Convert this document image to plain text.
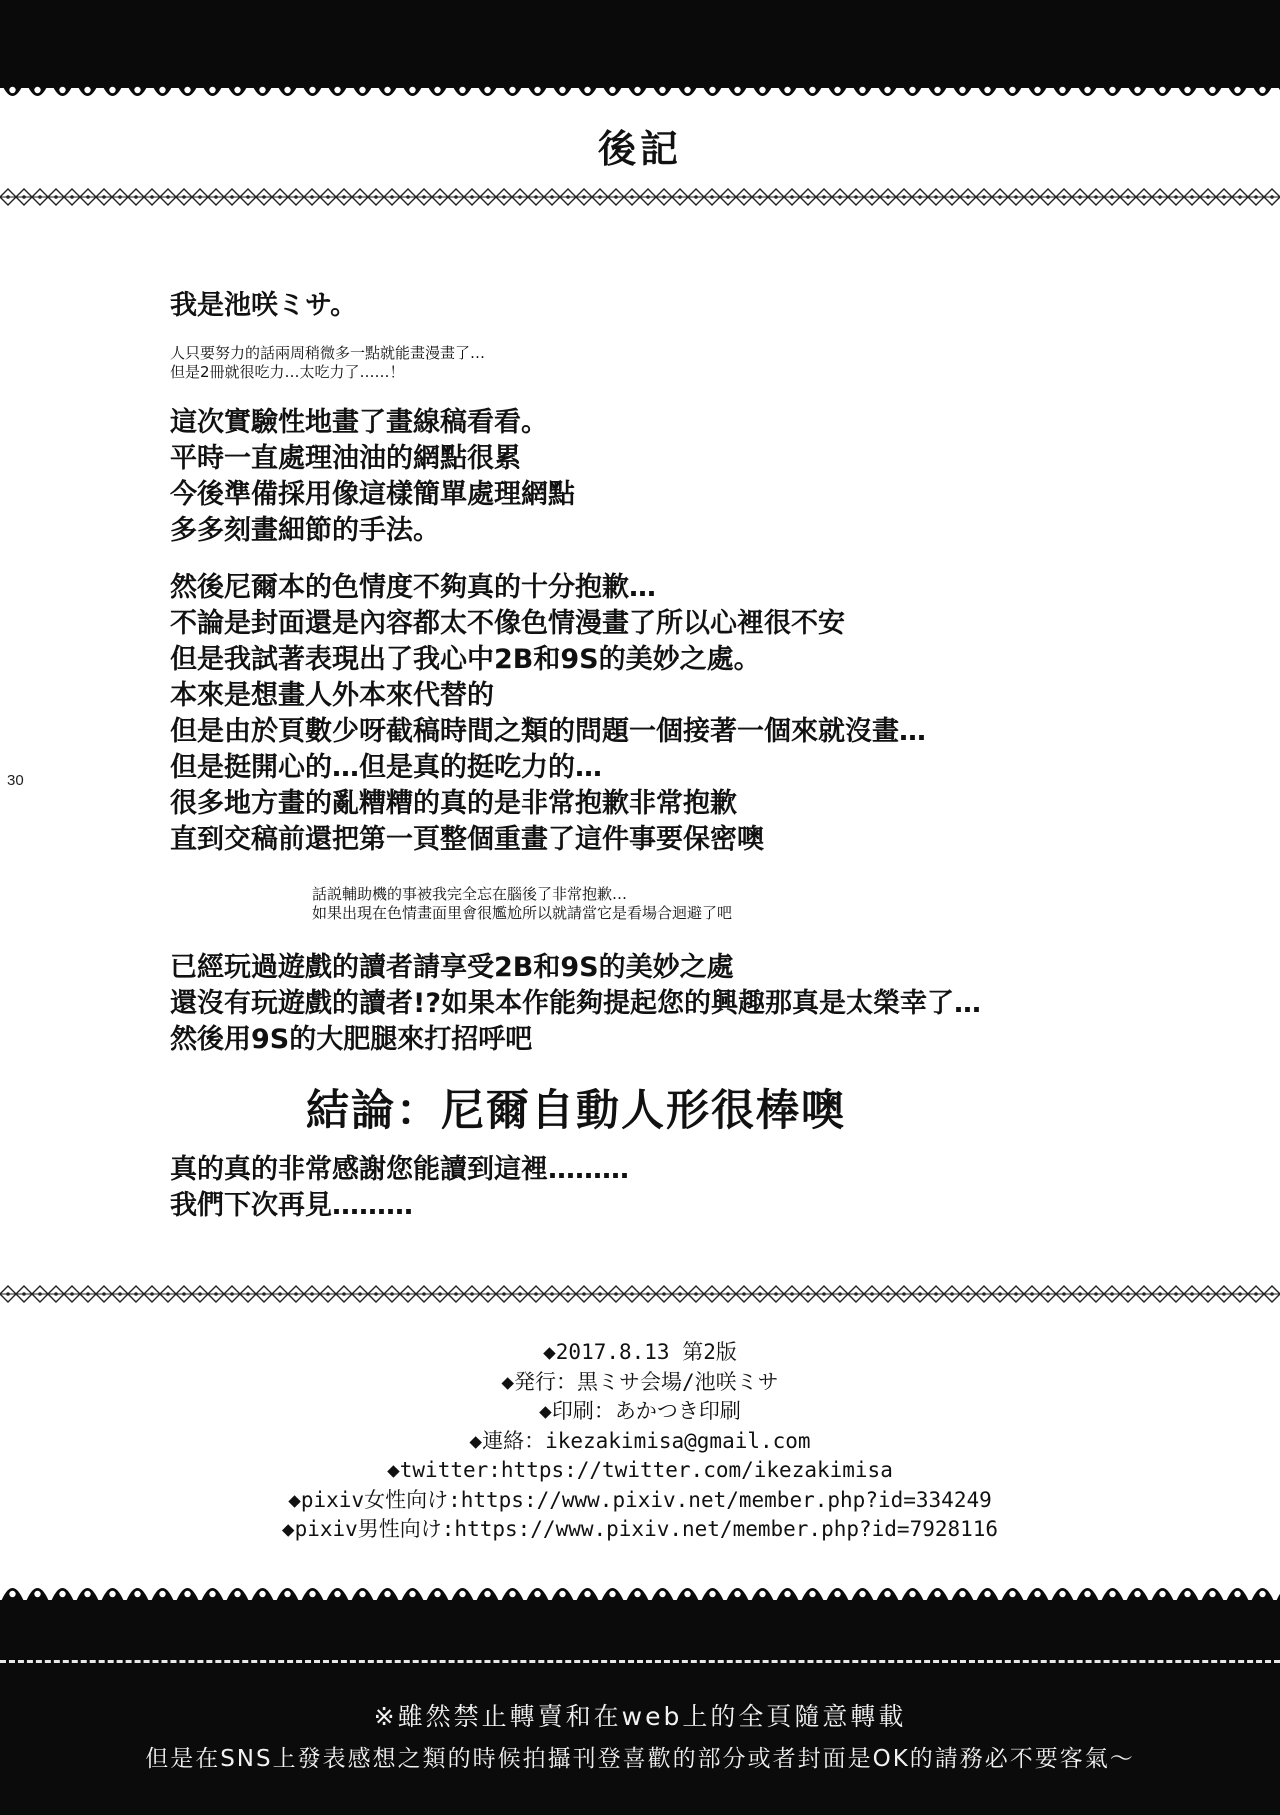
後記
30
我是池咲ミサ。
人只要努力的話兩周稍微多一點就能畫漫畫了…
但是2冊就很吃力…太吃力了……！
這次實驗性地畫了畫線稿看看。
平時一直處理油油的網點很累
今後準備採用像這樣簡單處理網點
多多刻畫細節的手法。
然後尼爾本的色情度不夠真的十分抱歉…
不論是封面還是內容都太不像色情漫畫了所以心裡很不安
但是我試著表現出了我心中2B和9S的美妙之處。
本來是想畫人外本來代替的
但是由於頁數少呀截稿時間之類的問題一個接著一個來就沒畫…
但是挺開心的…但是真的挺吃力的…
很多地方畫的亂糟糟的真的是非常抱歉非常抱歉
直到交稿前還把第一頁整個重畫了這件事要保密噢
話説輔助機的事被我完全忘在腦後了非常抱歉…
如果出現在色情畫面里會很尷尬所以就請當它是看場合迴避了吧
已經玩過遊戲的讀者請享受2B和9S的美妙之處
還沒有玩遊戲的讀者!?如果本作能夠提起您的興趣那真是太榮幸了…
然後用9S的大肥腿來打招呼吧
結論：尼爾自動人形很棒噢
真的真的非常感謝您能讀到這裡………
我們下次再見………
◆2017.8.13 第2版
◆発行：黒ミサ会場/池咲ミサ
◆印刷：あかつき印刷
◆連絡：ikezakimisa@gmail.com
◆twitter:https://twitter.com/ikezakimisa
◆pixiv女性向け:https://www.pixiv.net/member.php?id=334249
◆pixiv男性向け:https://www.pixiv.net/member.php?id=7928116
※雖然禁止轉賣和在web上的全頁隨意轉載
但是在SNS上發表感想之類的時候拍攝刊登喜歡的部分或者封面是OK的請務必不要客氣～
